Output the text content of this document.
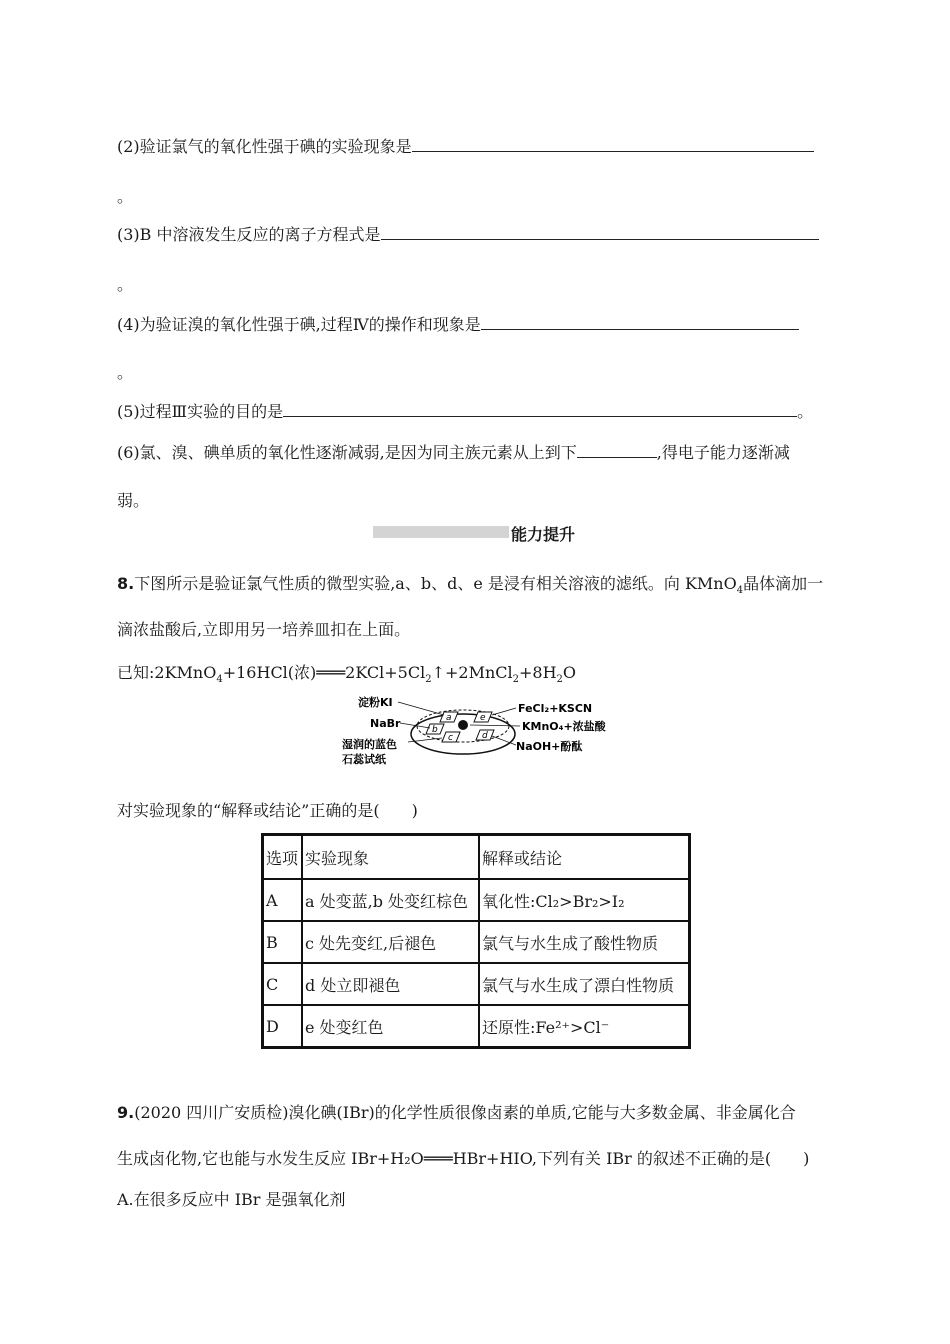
(2)验证氯气的氧化性强于碘的实验现象是
。
(3)B 中溶液发生反应的离子方程式是
。
(4)为验证溴的氧化性强于碘,过程Ⅳ的操作和现象是
。
(5)过程Ⅲ实验的目的是	。
(6)氯、溴、碘单质的氧化性逐渐减弱,是因为同主族元素从上到下	,得电子能力逐渐减
弱。
能力提升
8.下图所示是验证氯气性质的微型实验,a、b、d、e 是浸有相关溶液的滤纸。向 KMnO$_4$晶体滴加一
滴浓盐酸后,立即用另一培养皿扣在上面。
已知:2KMnO$_4$+16HCl(浓)$═══2KCl+5Cl_2↑+2MnCl_2+8H_2O$
a
b
c
e
d
淀粉KI
NaBr
湿润的蓝色
石蕊试纸
FeCl₂+KSCN
KMnO₄+浓盐酸
NaOH+酚酞
对实验现象的“解释或结论”正确的是(　　)
选项	实验现象	解释或结论
A	a 处变蓝,b 处变红棕色	氧化性:Cl₂>Br₂>I₂
B	c 处先变红,后褪色	氯气与水生成了酸性物质
C	d 处立即褪色	氯气与水生成了漂白性物质
D	e 处变红色	还原性:Fe²⁺>Cl⁻
9.(2020 四川广安质检)溴化碘(IBr)的化学性质很像卤素的单质,它能与大多数金属、非金属化合
生成卤化物,它也能与水发生反应 IBr+H₂O═══HBr+HIO,下列有关 IBr 的叙述不正确的是(　　)
A.在很多反应中 IBr 是强氧化剂
